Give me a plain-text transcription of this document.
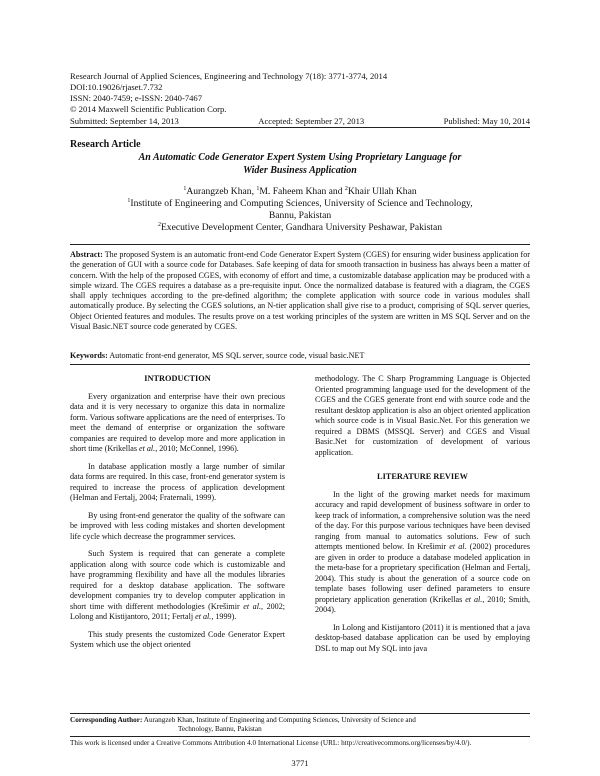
Research Journal of Applied Sciences, Engineering and Technology 7(18): 3771-3774, 2014
DOI:10.19026/rjaset.7.732
ISSN: 2040-7459; e-ISSN: 2040-7467
© 2014 Maxwell Scientific Publication Corp.
Submitted: September 14, 2013	Accepted: September 27, 2013	Published: May 10, 2014
Research Article
An Automatic Code Generator Expert System Using Proprietary Language for
Wider Business Application
$^1$Aurangzeb Khan, $^1$M. Faheem Khan and $^2$Khair Ullah Khan
$^1$Institute of Engineering and Computing Sciences, University of Science and Technology,
Bannu, Pakistan
$^2$Executive Development Center, Gandhara University Peshawar, Pakistan
Abstract: The proposed System is an automatic front-end Code Generator Expert System (CGES) for ensuring wider business application for the generation of GUI with a source code for Databases. Safe keeping of data for smooth transaction in business has always been a matter of concern. With the help of the proposed CGES, with economy of effort and time, a customizable database application may be produced with a simple wizard. The CGES requires a database as a pre-requisite input. Once the normalized database is featured with a diagram, the CGES shall apply techniques according to the pre-defined algorithm; the complete application with source code in various modules shall automatically produce. By selecting the CGES solutions, an N-tier application shall give rise to a product, comprising of SQL server queries, Object Oriented features and modules. The results prove on a test working principles of the system are written in MS SQL Server and on the Visual Basic.NET source code generated by CGES.
Keywords: Automatic front-end generator, MS SQL server, source code, visual basic.NET
INTRODUCTION

Every organization and enterprise have their own precious data and it is very necessary to organize this data in normalize form. Various software applications are the need of enterprises. To meet the demand of enterprise or organization the software companies are required to develop more and more application in short time (Krikellas et al., 2010; McConnel, 1996).

In database application mostly a large number of similar data forms are required. In this case, front-end generator system is required to increase the process of application development (Helman and Fertalj, 2004; Fraternali, 1999).

By using front-end generator the quality of the software can be improved with less coding mistakes and shorten development life cycle which decrease the programmer services.

Such System is required that can generate a complete application along with source code which is customizable and have programming flexibility and have all the modules libraries required for a desktop database application. The software development companies try to develop computer application in short time with different methodologies (Krešimir et al., 2002; Lolong and Kistijantoro, 2011; Fertalj et al., 1999).

This study presents the customized Code Generator Expert System which use the object oriented

methodology. The C Sharp Programming Language is Objected Oriented programming language used for the development of the CGES and the CGES generate front end with source code and the resultant desktop application is also an object oriented application which source code is in Visual Basic.Net. For this generation we required a DBMS (MSSQL Server) and CGES and Visual Basic.Net for customization of development of various application.

LITERATURE REVIEW

In the light of the growing market needs for maximum accuracy and rapid development of business software in order to keep track of information, a comprehensive solution was the need of the day. For this purpose various techniques have been devised ranging from manual to automatics solutions. Few of such attempts mentioned below. In Krešimir et al. (2002) procedures are given in order to produce a database modeled application in the meta-base for a proprietary specification (Helman and Fertalj, 2004). This study is about the generation of a source code on template bases following user defined parameters to ensure proprietary application generation (Krikellas et al., 2010; Smith, 2004).

In Lolong and Kistijantoro (2011) it is mentioned that a java desktop-based database application can be used by employing DSL to map out My SQL into java

Corresponding Author: Aurangzeb Khan, Institute of Engineering and Computing Sciences, University of Science and
Technology, Bannu, Pakistan
This work is licensed under a Creative Commons Attribution 4.0 International License (URL: http://creativecommons.org/licenses/by/4.0/).
3771
